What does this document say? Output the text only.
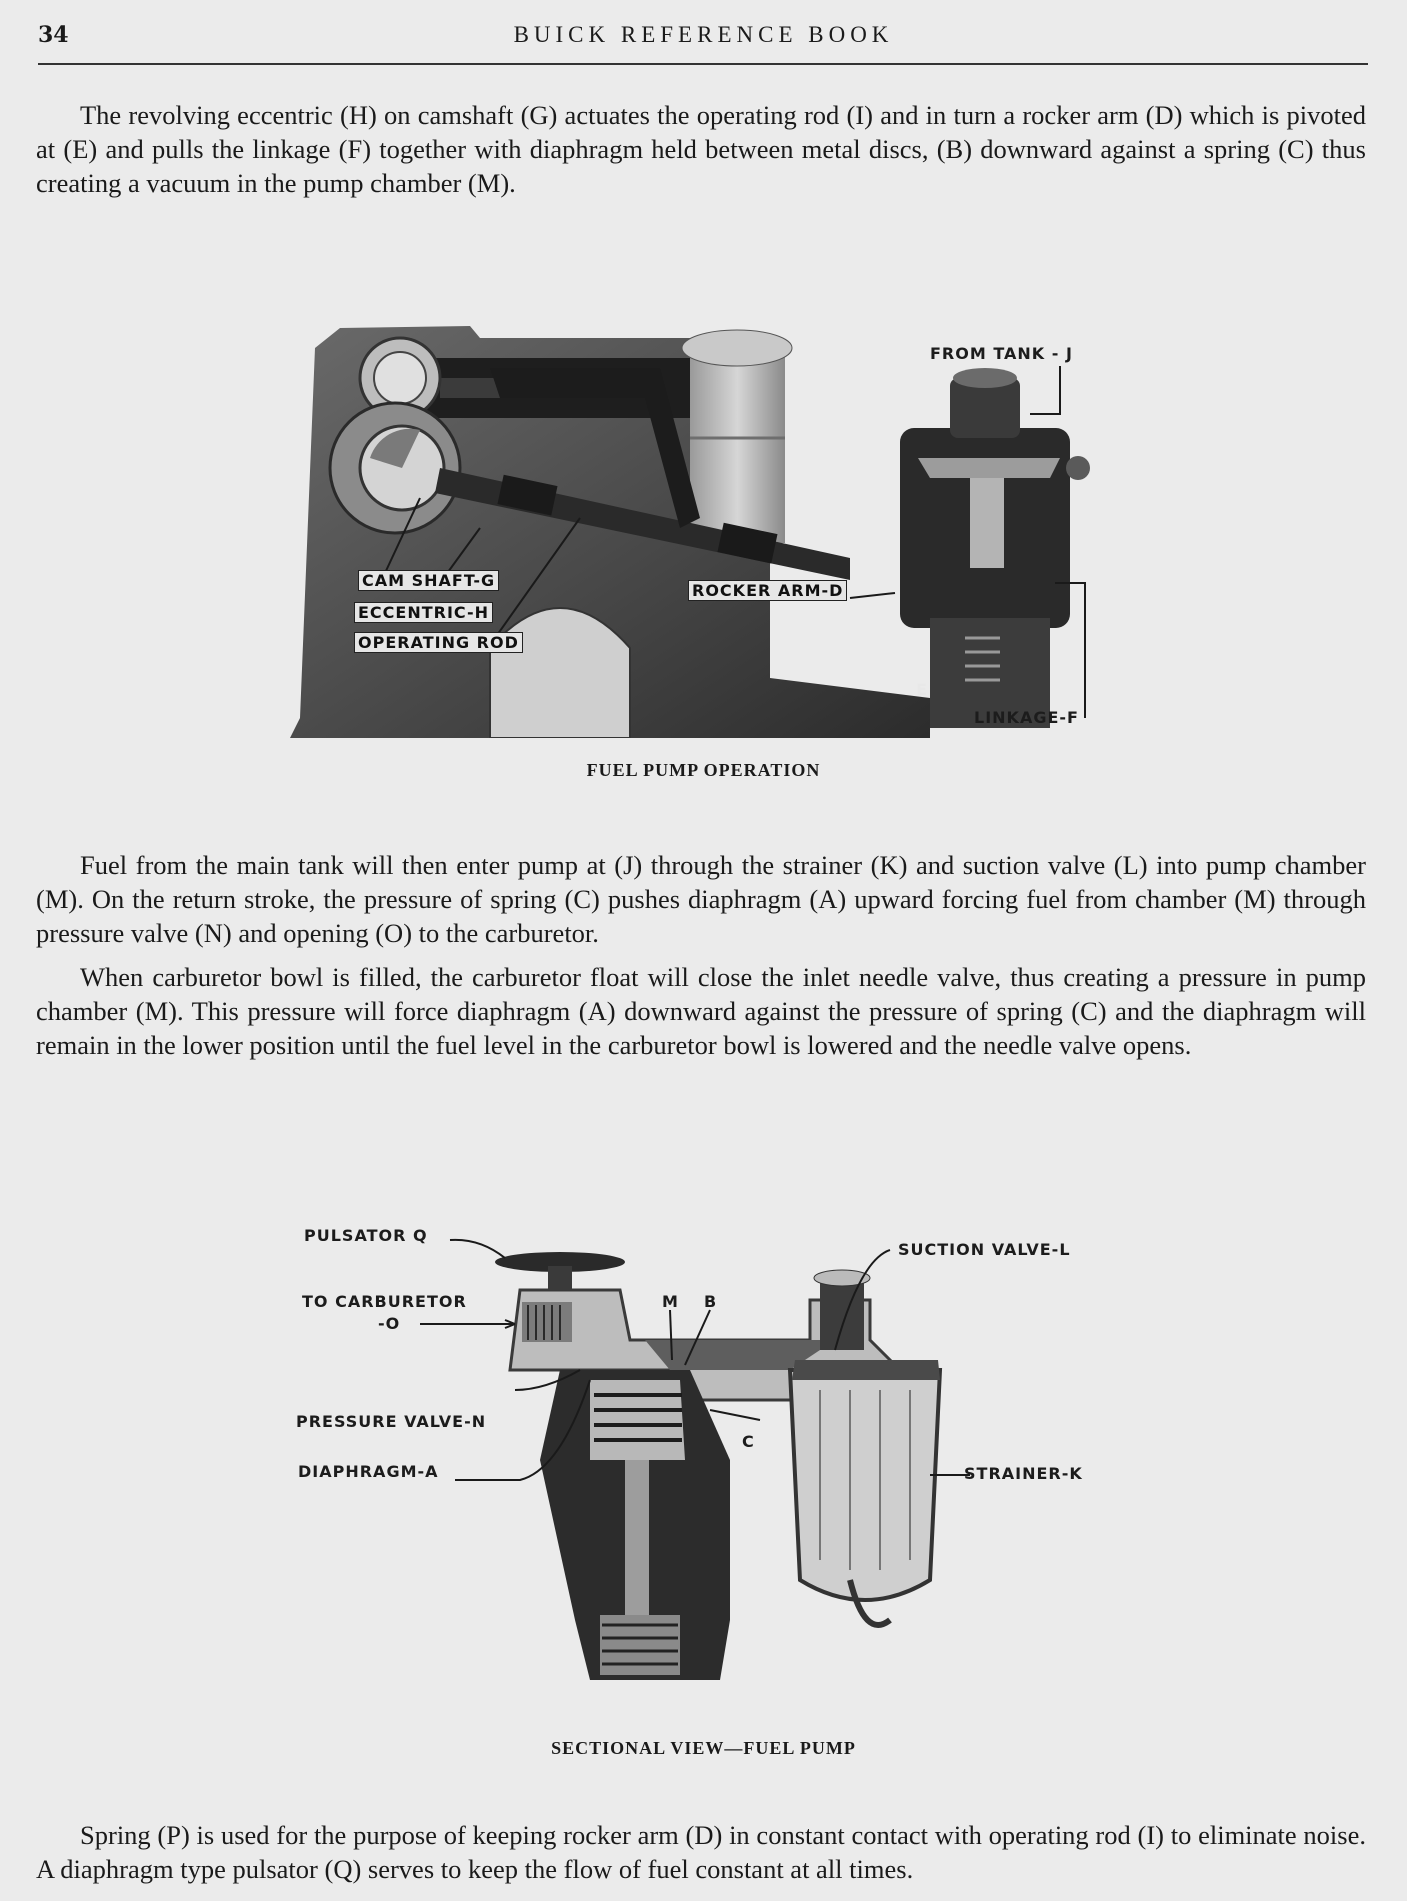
34	BUICK REFERENCE BOOK

The revolving eccentric (H) on camshaft (G) actuates the operating rod (I) and in turn a rocker arm (D) which is pivoted at (E) and pulls the linkage (F) together with diaphragm held between metal discs, (B) downward against a spring (C) thus creating a vacuum in the pump chamber (M).

FROM TANK - J
CAM SHAFT-G
ECCENTRIC-H
OPERATING ROD
ROCKER ARM-D
E
LINKAGE-F
FUEL PUMP OPERATION

Fuel from the main tank will then enter pump at (J) through the strainer (K) and suction valve (L) into pump chamber (M). On the return stroke, the pressure of spring (C) pushes diaphragm (A) upward forcing fuel from chamber (M) through pressure valve (N) and opening (O) to the carburetor.

When carburetor bowl is filled, the carburetor float will close the inlet needle valve, thus creating a pressure in pump chamber (M). This pressure will force diaphragm (A) downward against the pressure of spring (C) and the diaphragm will remain in the lower position until the fuel level in the carburetor bowl is lowered and the needle valve opens.

PULSATOR Q
TO CARBURETOR
-O
M B
SUCTION VALVE-L
PRESSURE VALVE-N
C
DIAPHRAGM-A	STRAINER-K
SECTIONAL VIEW—FUEL PUMP

Spring (P) is used for the purpose of keeping rocker arm (D) in constant contact with operating rod (I) to eliminate noise. A diaphragm type pulsator (Q) serves to keep the flow of fuel constant at all times.
